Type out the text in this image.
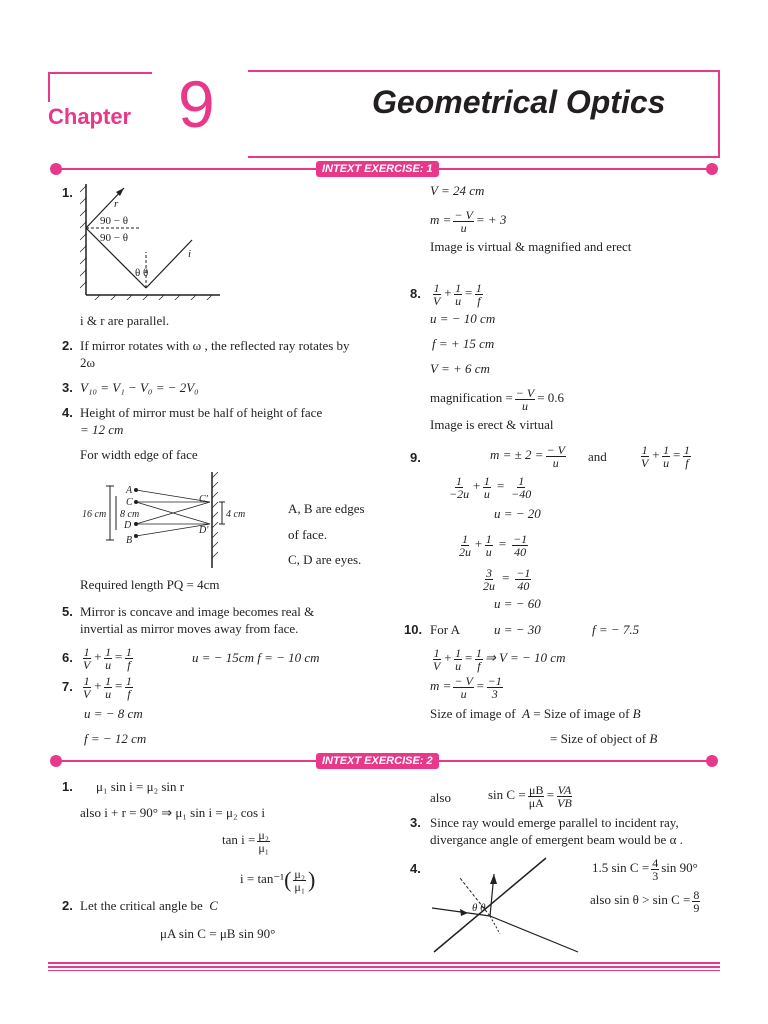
Chapter 9	Geometrical Optics
INTEXT EXERCISE: 1
1.
r
90 − θ
90 − θ
i
θ θ
i & r are parallel.
2. If mirror rotates with ω , the reflected ray rotates by
2ω
3. V₁₀ = V₁ − V₀ = − 2V₀
4. Height of mirror must be half of height of face
= 12 cm
For width edge of face
16 cm 8 cm
A
C
D
B
C'
D'
4 cm	A, B are edges
of face.
C, D are eyes.
Required length PQ = 4cm
5. Mirror is concave and image becomes real &
invertial as mirror moves away from face.
6. $\frac{1}{V} + \frac{1}{u} = \frac{1}{f}$	u = − 15cm f = − 10 cm
7. $\frac{1}{V} + \frac{1}{u} = \frac{1}{f}$
u = − 8 cm
f = − 12 cm
V = 24 cm
$m = \frac{- V}{u}$ = + 3
Image is virtual & magnified and erect
8. $\frac{1}{V} + \frac{1}{u} = \frac{1}{f}$
u = − 10 cm
f = + 15 cm
V = + 6 cm
magnification = $\frac{- V}{u} = 0.6$
Image is erect & virtual
9.	m = ± $2 = \frac{- V}{u}$ and	$\frac{1}{V} + \frac{1}{u} = \frac{1}{f}$
$\frac{1}{-2u} + \frac{1}{u} = \frac{1}{-40}$
u = − 20
$\frac{1}{2u} + \frac{1}{u} = \frac{-1}{40}$
$\frac{3}{2u} = \frac{-1}{40}$
u = − 60
10. For A	u = − 30	f = − 7.5
$\frac{1}{V} + \frac{1}{u} = \frac{1}{f}$ ⇒ V = − 10 cm
$m = \frac{- V}{u} = \frac{-1}{3}$
Size of image of A = Size of image of B
= Size of object of B
INTEXT EXERCISE: 2
1. μ₁ sin i = μ₂ sin r
also i + r = 90° ⇒ μ₁ sin i = μ₂ cos i
$\tan i = \frac{\text{μ₂}}{\text{μ₁}}$
$i = \tan^{-1}( \frac{\text{μ₂}}{\text{μ₁}}$ )
2. Let the critical angle be C
μA sin C = μB sin 90°
also	$\sin C = \frac{\mu B}{\mu A} = \frac{VA}{VB}$
3. Since ray would emerge parallel to incident ray,
divergance angle of emergent beam would be α .
4.
θ θ
1.5 $\sin C = \frac{4}{3}$ sin 90°
also $\sin \theta > \sin C = \frac{8}{9}$
